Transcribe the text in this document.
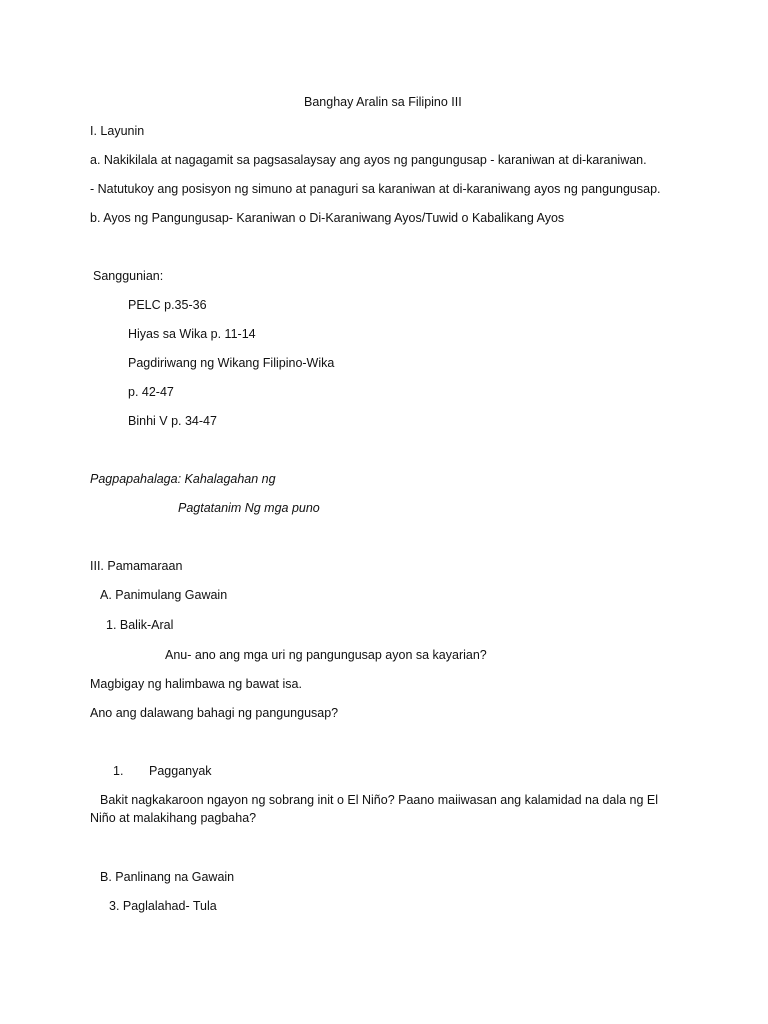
Banghay Aralin sa Filipino III
I. Layunin
a. Nakikilala at nagagamit sa pagsasalaysay ang ayos ng pangungusap - karaniwan at di-karaniwan.
- Natutukoy ang posisyon ng simuno at panaguri sa karaniwan at di-karaniwang ayos ng pangungusap.
b. Ayos ng Pangungusap- Karaniwan o Di-Karaniwang Ayos/Tuwid o Kabalikang Ayos
Sanggunian:
PELC p.35-36
Hiyas sa Wika p. 11-14
Pagdiriwang ng Wikang Filipino-Wika
p. 42-47
Binhi V p. 34-47
Pagpapahalaga: Kahalagahan ng
Pagtatanim Ng mga puno
III. Pamamaraan
A. Panimulang Gawain
1. Balik-Aral
Anu- ano ang mga uri ng pangungusap ayon sa kayarian?
Magbigay ng halimbawa ng bawat isa.
Ano ang dalawang bahagi ng pangungusap?
1. Pagganyak
Bakit nagkakaroon ngayon ng sobrang init o El Niño? Paano maiiwasan ang kalamidad na dala ng El Niño at malakihang pagbaha?
B. Panlinang na Gawain
3. Paglalahad- Tula
